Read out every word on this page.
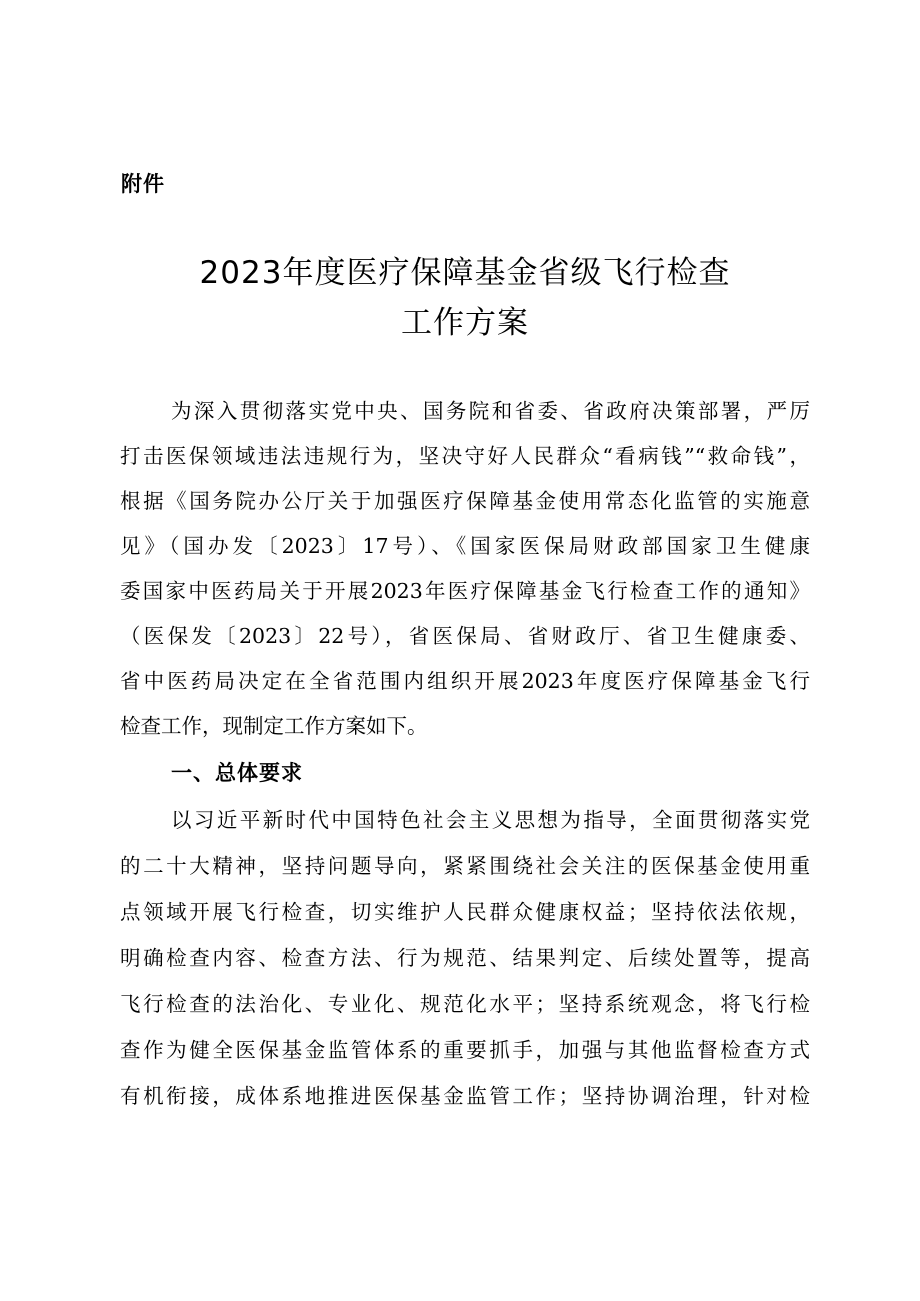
附件
2023年度医疗保障基金省级飞行检查
工作方案
为深入贯彻落实党中央、国务院和省委、省政府决策部署，严厉
打击医保领域违法违规行为，坚决守好人民群众“看病钱”“救命钱”，
根据《国务院办公厅关于加强医疗保障基金使用常态化监管的实施意
见》（国办发〔2023〕17号）、《国家医保局财政部国家卫生健康
委国家中医药局关于开展2023年医疗保障基金飞行检查工作的通知》
（医保发〔2023〕22号），省医保局、省财政厅、省卫生健康委、
省中医药局决定在全省范围内组织开展2023年度医疗保障基金飞行
检查工作，现制定工作方案如下。
一、总体要求
以习近平新时代中国特色社会主义思想为指导，全面贯彻落实党
的二十大精神，坚持问题导向，紧紧围绕社会关注的医保基金使用重
点领域开展飞行检查，切实维护人民群众健康权益；坚持依法依规，
明确检查内容、检查方法、行为规范、结果判定、后续处置等，提高
飞行检查的法治化、专业化、规范化水平；坚持系统观念，将飞行检
查作为健全医保基金监管体系的重要抓手，加强与其他监督检查方式
有机衔接，成体系地推进医保基金监管工作；坚持协调治理，针对检
